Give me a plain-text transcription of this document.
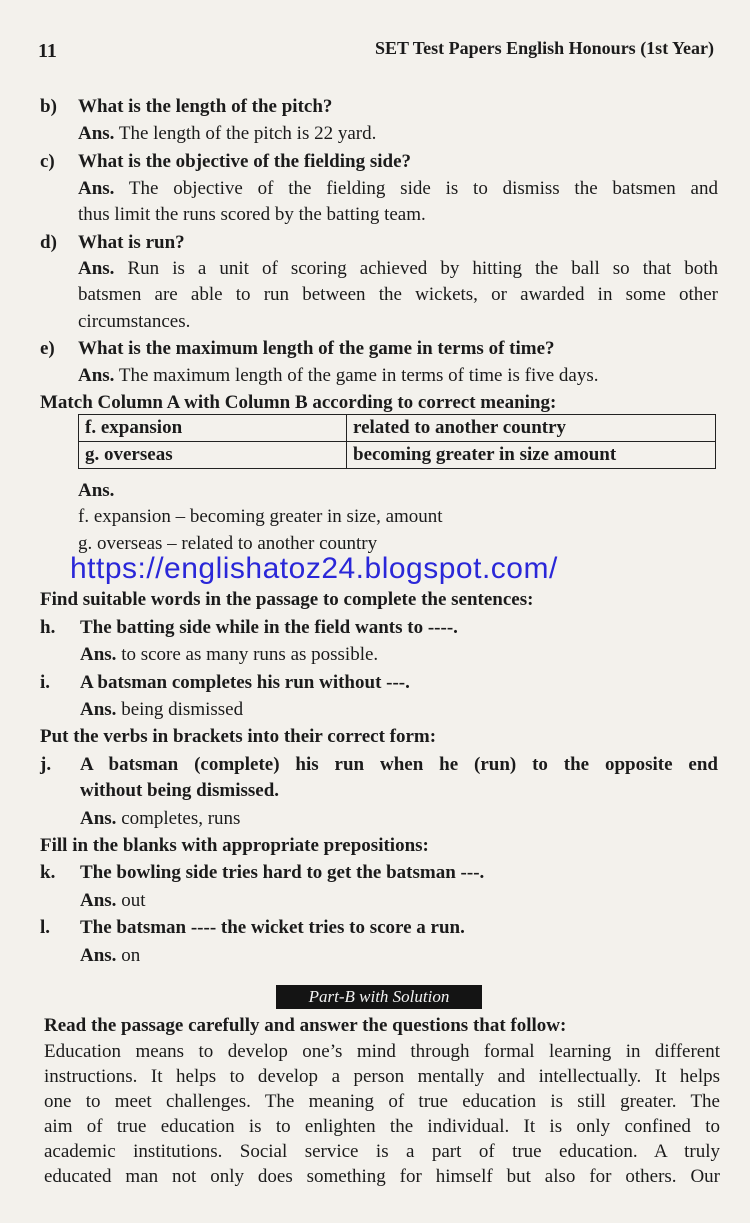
11	SET Test Papers English Honours (1st Year)
b) What is the length of the pitch?
Ans. The length of the pitch is 22 yard.
c) What is the objective of the fielding side?
Ans. The objective of the fielding side is to dismiss the batsmen and
thus limit the runs scored by the batting team.
d) What is run?
Ans. Run is a unit of scoring achieved by hitting the ball so that both
batsmen are able to run between the wickets, or awarded in some other
circumstances.
e) What is the maximum length of the game in terms of time?
Ans. The maximum length of the game in terms of time is five days.
Match Column A with Column B according to correct meaning:
f. expansion	related to another country
g. overseas	becoming greater in size amount
Ans.
f. expansion – becoming greater in size, amount
g. overseas – related to another country
https://englishatoz24.blogspot.com/
Find suitable words in the passage to complete the sentences:
h. The batting side while in the field wants to ----.
Ans. to score as many runs as possible.
i. A batsman completes his run without ---.
Ans. being dismissed
Put the verbs in brackets into their correct form:
j. A batsman (complete) his run when he (run) to the opposite end
without being dismissed.
Ans. completes, runs
Fill in the blanks with appropriate prepositions:
k. The bowling side tries hard to get the batsman ---.
Ans. out
l. The batsman ---- the wicket tries to score a run.
Ans. on
Part-B with Solution
Read the passage carefully and answer the questions that follow:
Education means to develop one’s mind through formal learning in different
instructions. It helps to develop a person mentally and intellectually. It helps
one to meet challenges. The meaning of true education is still greater. The
aim of true education is to enlighten the individual. It is only confined to
academic institutions. Social service is a part of true education. A truly
educated man not only does something for himself but also for others. Our
